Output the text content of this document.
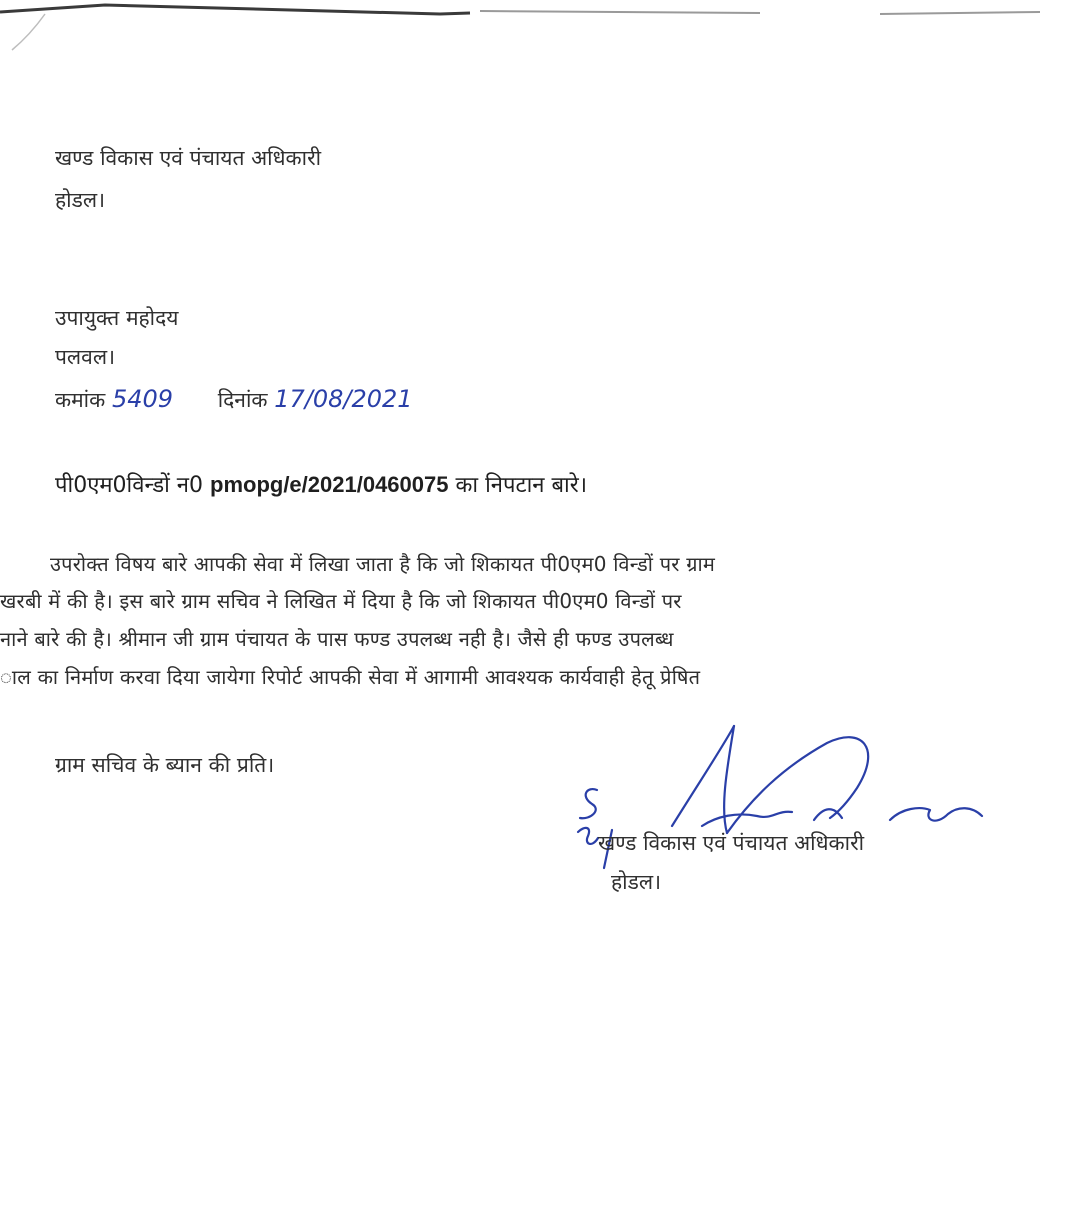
खण्ड विकास एवं पंचायत अधिकारी
होडल।
उपायुक्त महोदय
पलवल।
कमांक 5409 दिनांक 17/08/2021
पी0एम0विन्डों न0 pmopg/e/2021/0460075 का निपटान बारे।
उपरोक्त विषय बारे आपकी सेवा में लिखा जाता है कि जो शिकायत पी0एम0 विन्डों पर ग्राम
खरबी में की है। इस बारे ग्राम सचिव ने लिखित में दिया है कि जो शिकायत पी0एम0 विन्डों पर
नाने बारे की है। श्रीमान जी ग्राम पंचायत के पास फण्ड उपलब्ध नही है। जैसे ही फण्ड उपलब्ध
ाल का निर्माण करवा दिया जायेगा रिपोर्ट आपकी सेवा में आगामी आवश्यक कार्यवाही हेतू प्रेषित
ग्राम सचिव के ब्यान की प्रति।
खण्ड विकास एवं पंचायत अधिकारी
होडल।
